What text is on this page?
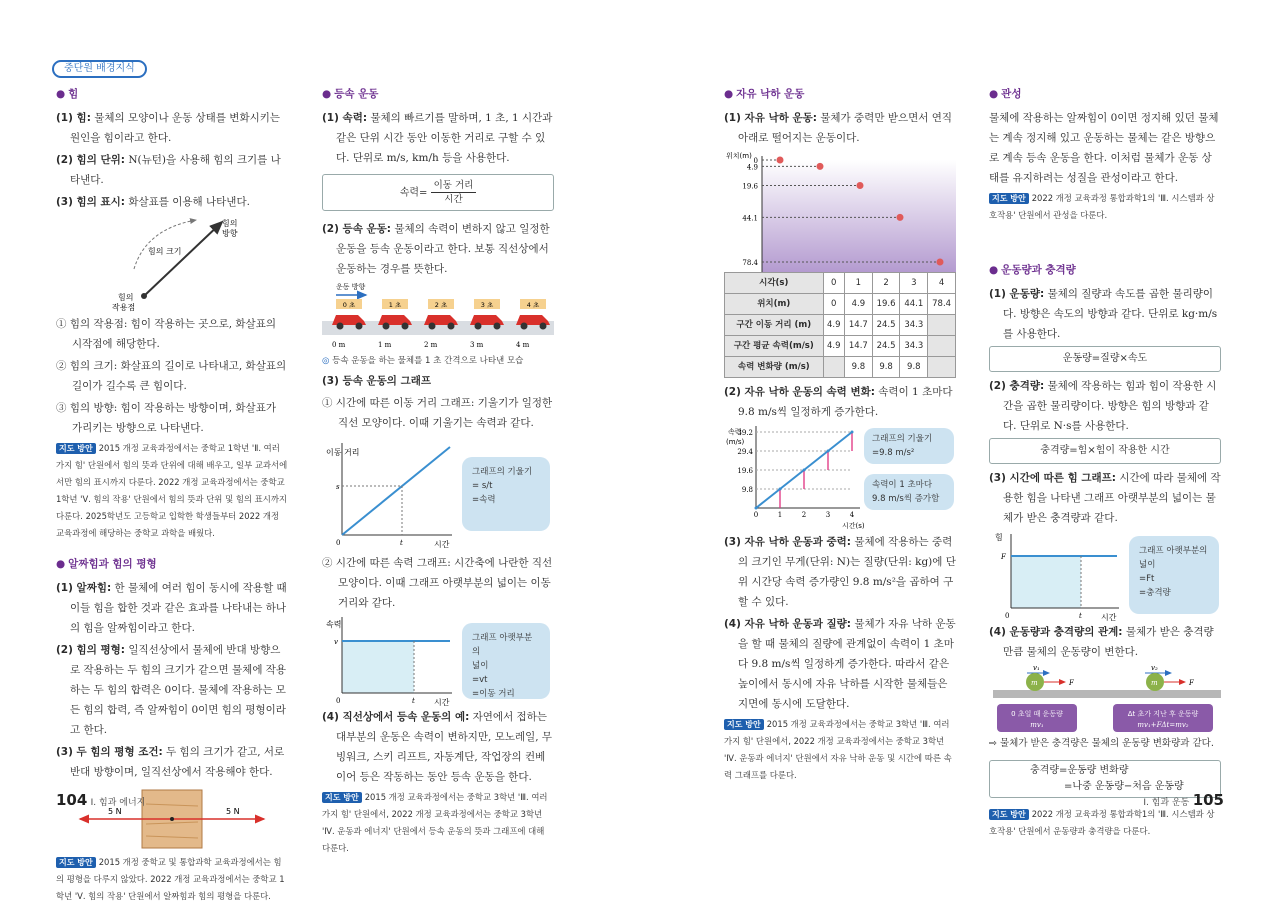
중단원 배경지식
● 힘

(1) 힘: 물체의 모양이나 운동 상태를 변화시키는 원인을 힘이라고 한다.

(2) 힘의 단위: N(뉴턴)을 사용해 힘의 크기를 나타낸다.

(3) 힘의 표시: 화살표를 이용해 나타낸다.

힘의 크기
힘의
방향
힘의
작용점

① 힘의 작용점: 힘이 작용하는 곳으로, 화살표의 시작점에 해당한다.

② 힘의 크기: 화살표의 길이로 나타내고, 화살표의 길이가 길수록 큰 힘이다.

③ 힘의 방향: 힘이 작용하는 방향이며, 화살표가 가리키는 방향으로 나타낸다.

지도 방안 2015 개정 교육과정에서는 중학교 1학년 'Ⅱ. 여러 가지 힘' 단원에서 힘의 뜻과 단위에 대해 배우고, 일부 교과서에서만 힘의 표시까지 다룬다. 2022 개정 교육과정에서는 중학교 1학년 'Ⅴ. 힘의 작용' 단원에서 힘의 뜻과 단위 및 힘의 표시까지 다룬다. 2025학년도 고등학교 입학한 학생들부터 2022 개정 교육과정에 해당하는 중학교 과학을 배웠다.

● 알짜힘과 힘의 평형

(1) 알짜힘: 한 물체에 여러 힘이 동시에 작용할 때 이들 힘을 합한 것과 같은 효과를 나타내는 하나의 힘을 알짜힘이라고 한다.

(2) 힘의 평형: 일직선상에서 물체에 반대 방향으로 작용하는 두 힘의 크기가 같으면 물체에 작용하는 두 힘의 합력은 0이다. 물체에 작용하는 모든 힘의 합력, 즉 알짜힘이 0이면 힘의 평형이라고 한다.

(3) 두 힘의 평형 조건: 두 힘의 크기가 같고, 서로 반대 방향이며, 일직선상에서 작용해야 한다.

5 N	5 N

지도 방안 2015 개정 중학교 및 통합과학 교육과정에서는 힘의 평형을 다루지 않았다. 2022 개정 교육과정에서는 중학교 1학년 'Ⅴ. 힘의 작용' 단원에서 알짜힘과 힘의 평형을 다룬다.

● 등속 운동

(1) 속력: 물체의 빠르기를 말하며, 1 초, 1 시간과 같은 단위 시간 동안 이동한 거리로 구할 수 있다. 단위로 m/s, km/h 등을 사용한다.

속력= $\frac{\text{이동 거리}}{\text{시간}}$

(2) 등속 운동: 물체의 속력이 변하지 않고 일정한 운동을 등속 운동이라고 한다. 보통 직선상에서 운동하는 경우를 뜻한다.

운동 방향
0 초
0 m
1 초
1 m
2 초
2 m
3 초
3 m
4 초
4 m

◎ 등속 운동을 하는 물체를 1 초 간격으로 나타낸 모습

(3) 등속 운동의 그래프

① 시간에 따른 이동 거리 그래프: 기울기가 일정한 직선 모양이다. 이때 기울기는 속력과 같다.

이동 거리
s
t
0	시간
그래프의 기울기
= s/t
=속력

② 시간에 따른 속력 그래프: 시간축에 나란한 직선 모양이다. 이때 그래프 아랫부분의 넓이는 이동 거리와 같다.

속력
v
t
0	시간
그래프 아랫부분의
넓이
=vt
=이동 거리

(4) 직선상에서 등속 운동의 예: 자연에서 접하는 대부분의 운동은 속력이 변하지만, 모노레일, 무빙워크, 스키 리프트, 자동계단, 작업장의 컨베이어 등은 작동하는 동안 등속 운동을 한다.

지도 방안 2015 개정 교육과정에서는 중학교 3학년 'Ⅲ. 여러 가지 힘' 단원에서, 2022 개정 교육과정에서는 중학교 3학년 'Ⅳ. 운동과 에너지' 단원에서 등속 운동의 뜻과 그래프에 대해 다룬다.

● 자유 낙하 운동

(1) 자유 낙하 운동: 물체가 중력만 받으면서 연직 아래로 떨어지는 운동이다.

위치(m)
0
4.9
19.6
44.1
78.4
시각(s)	0	1	2	3	4
위치(m)	0	4.9	19.6	44.1	78.4
구간 이동 거리 (m)	4.9	14.7	24.5	34.3	
구간 평균 속력(m/s)	4.9	14.7	24.5	34.3	
속력 변화량 (m/s)		9.8	9.8	9.8	

(2) 자유 낙하 운동의 속력 변화: 속력이 1 초마다 9.8 m/s씩 일정하게 증가한다.

39.2
29.4
19.6
9.8
0	1	2	3	4
속력
(m/s)
시간(s)
그래프의 기울기
=9.8 m/s²
속력이 1 초마다
9.8 m/s씩 증가함

(3) 자유 낙하 운동과 중력: 물체에 작용하는 중력의 크기인 무게(단위: N)는 질량(단위: kg)에 단위 시간당 속력 증가량인 9.8 m/s²을 곱하여 구할 수 있다.

(4) 자유 낙하 운동과 질량: 물체가 자유 낙하 운동을 할 때 물체의 질량에 관계없이 속력이 1 초마다 9.8 m/s씩 일정하게 증가한다. 따라서 같은 높이에서 동시에 자유 낙하를 시작한 물체들은 지면에 동시에 도달한다.

지도 방안 2015 개정 교육과정에서는 중학교 3학년 'Ⅲ. 여러 가지 힘' 단원에서, 2022 개정 교육과정에서는 중학교 3학년 'Ⅳ. 운동과 에너지' 단원에서 자유 낙하 운동 및 시간에 따른 속력 그래프를 다룬다.

● 관성

물체에 작용하는 알짜힘이 0이면 정지해 있던 물체는 계속 정지해 있고 운동하는 물체는 같은 방향으로 계속 등속 운동을 한다. 이처럼 물체가 운동 상태를 유지하려는 성질을 관성이라고 한다.

지도 방안 2022 개정 교육과정 통합과학1의 'Ⅲ. 시스템과 상호작용' 단원에서 관성을 다룬다.

● 운동량과 충격량

(1) 운동량: 물체의 질량과 속도를 곱한 물리량이다. 방향은 속도의 방향과 같다. 단위로 kg·m/s를 사용한다.

운동량=질량×속도

(2) 충격량: 물체에 작용하는 힘과 힘이 작용한 시간을 곱한 물리량이다. 방향은 힘의 방향과 같다. 단위로 N·s를 사용한다.

충격량=힘×힘이 작용한 시간

(3) 시간에 따른 힘 그래프: 시간에 따라 물체에 작용한 힘을 나타낸 그래프 아랫부분의 넓이는 물체가 받은 충격량과 같다.

힘
F
0	t 시간
그래프 아랫부분의
넓이
=Ft
=충격량

(4) 운동량과 충격량의 관계: 물체가 받은 충격량만큼 물체의 운동량이 변한다.

v₁
m	F
v₂
m	F
0 초일 때 운동량
mv₁
Δt 초가 지난 후 운동량
mv₁+FΔt=mv₂

⇨ 물체가 받은 충격량은 물체의 운동량 변화량과 같다.

충격량=운동량 변화량
=나중 운동량−처음 운동량

지도 방안 2022 개정 교육과정 통합과학1의 'Ⅲ. 시스템과 상호작용' 단원에서 운동량과 충격량을 다룬다.

104 Ⅰ. 힘과 에너지	Ⅰ. 힘과 운동 105
